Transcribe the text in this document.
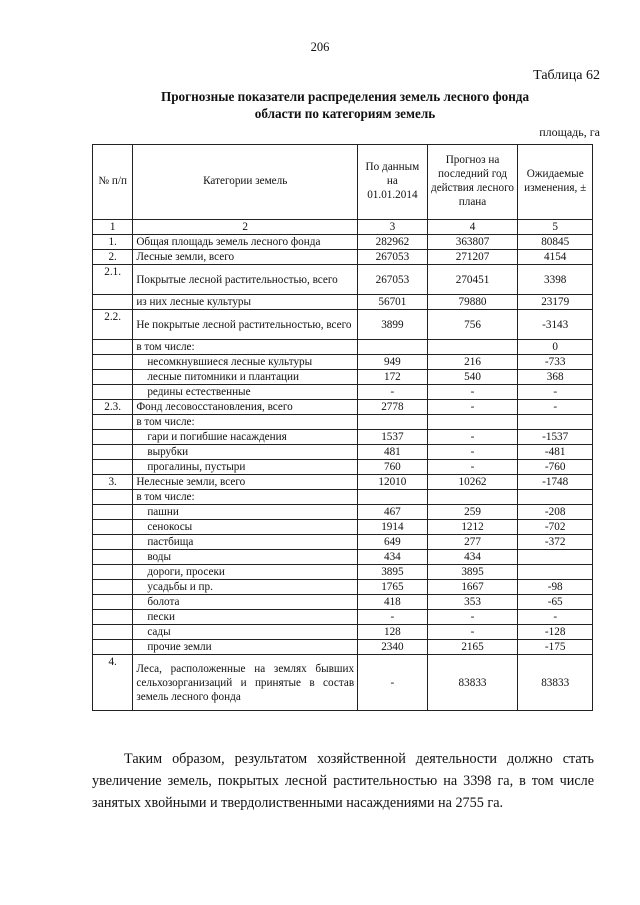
206
Таблица 62
Прогнозные показатели распределения земель лесного фонда
области по категориям земель
площадь, га
№ п/п	Категории земель	По данным на 01.01.2014	Прогноз на последний год действия лесного плана	Ожидаемые изменения, ±
1	2	3	4	5
1.	Общая площадь земель лесного фонда	282962	363807	80845
2.	Лесные земли, всего	267053	271207	4154
2.1.	Покрытые лесной растительностью, всего	267053	270451	3398
	из них лесные культуры	56701	79880	23179
2.2.	Не покрытые лесной растительностью, всего	3899	756	-3143
	в том числе:			0
	несомкнувшиеся лесные культуры	949	216	-733
	лесные питомники и плантации	172	540	368
	редины естественные	-	-	-
2.3.	Фонд лесовосстановления, всего	2778	-	-
	в том числе:			
	гари и погибшие насаждения	1537	-	-1537
	вырубки	481	-	-481
	прогалины, пустыри	760	-	-760
3.	Нелесные земли, всего	12010	10262	-1748
	в том числе:			
	пашни	467	259	-208
	сенокосы	1914	1212	-702
	пастбища	649	277	-372
	воды	434	434	
	дороги, просеки	3895	3895	
	усадьбы и пр.	1765	1667	-98
	болота	418	353	-65
	пески	-	-	-
	сады	128	-	-128
	прочие земли	2340	2165	-175
4.	Леса, расположенные на землях бывших сельхозорганизаций и принятые в состав земель лесного фонда	-	83833	83833
Таким образом, результатом хозяйственной деятельности должно стать увеличение земель, покрытых лесной растительностью на 3398 га, в том числе занятых хвойными и твердолиственными насаждениями на 2755 га.
